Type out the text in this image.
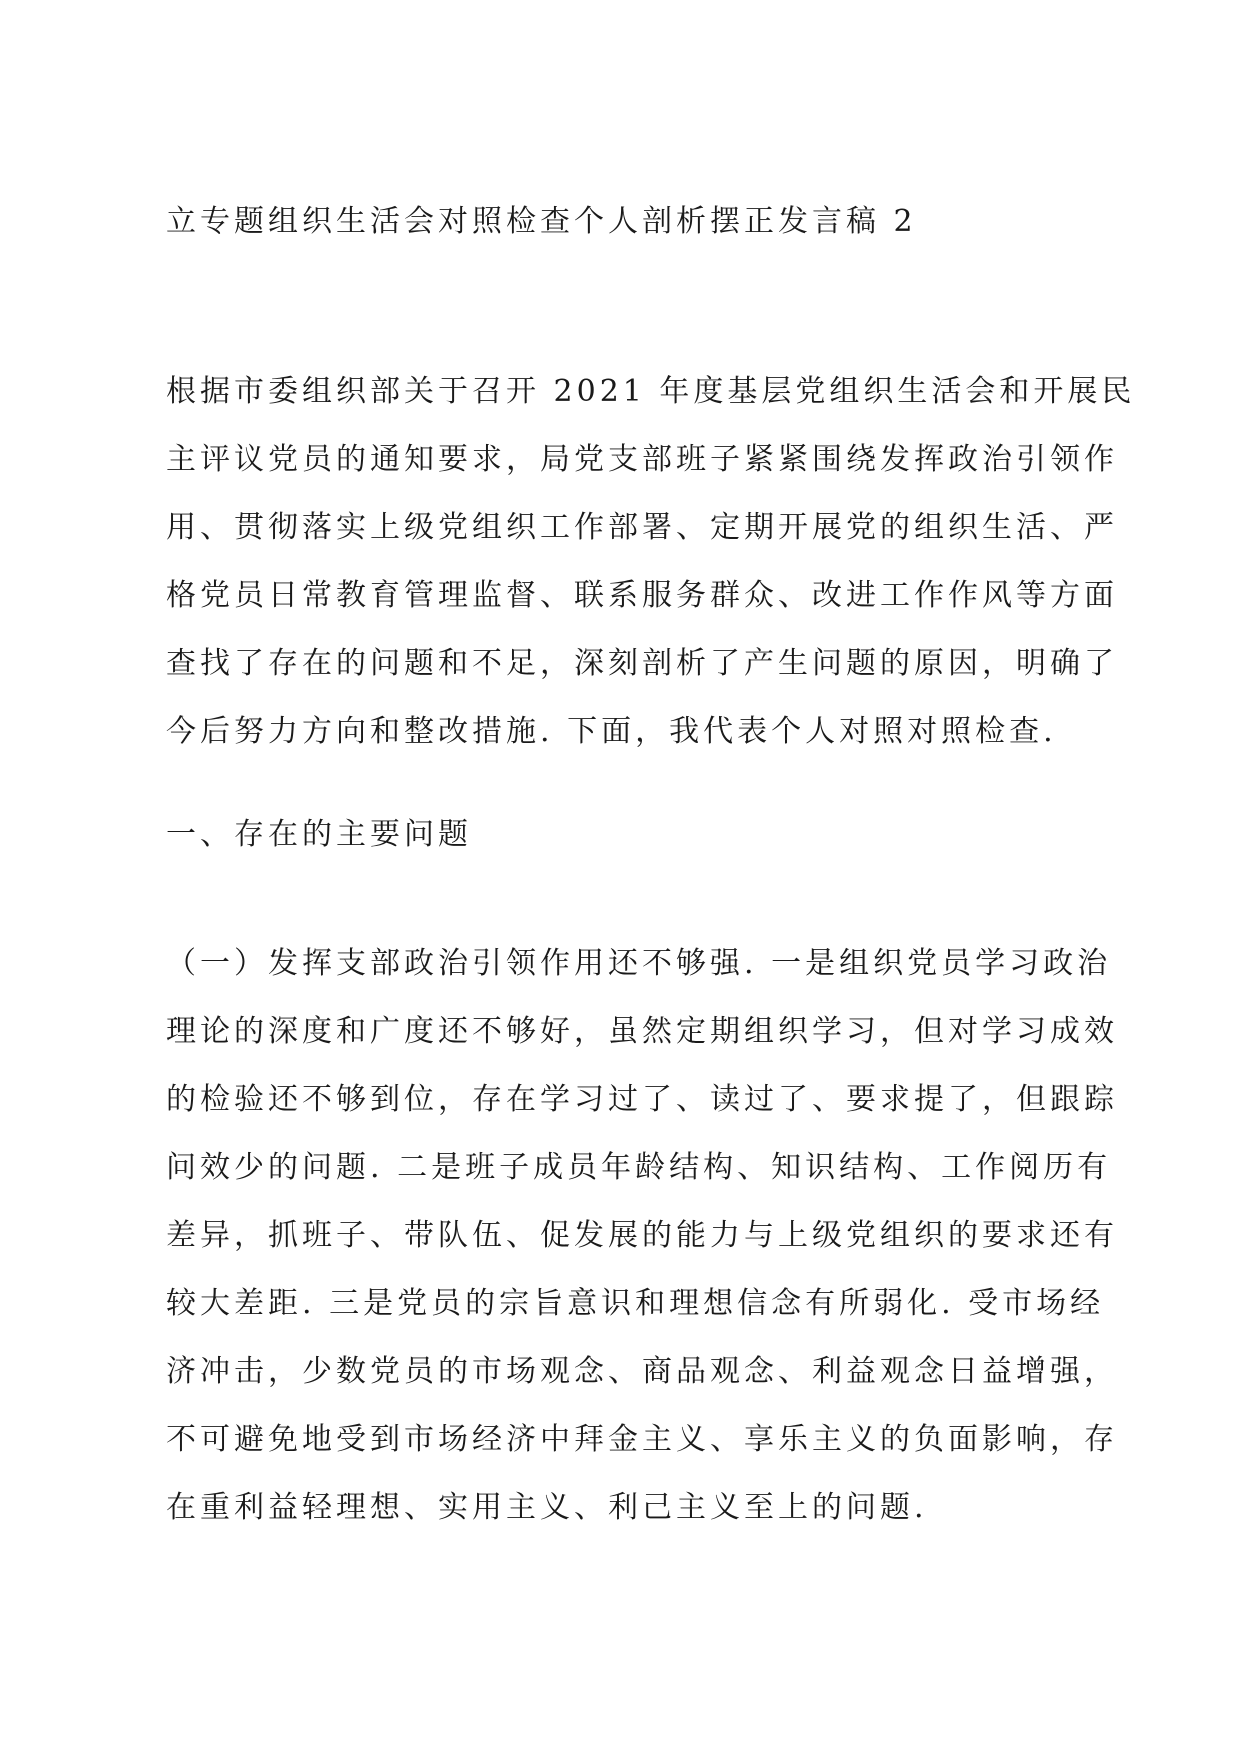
立专题组织生活会对照检查个人剖析摆正发言稿 2
根据市委组织部关于召开 2021 年度基层党组织生活会和开展民
主评议党员的通知要求，局党支部班子紧紧围绕发挥政治引领作
用、贯彻落实上级党组织工作部署、定期开展党的组织生活、严
格党员日常教育管理监督、联系服务群众、改进工作作风等方面
查找了存在的问题和不足，深刻剖析了产生问题的原因，明确了
今后努力方向和整改措施. 下面，我代表个人对照对照检查.
一、存在的主要问题
（一）发挥支部政治引领作用还不够强. 一是组织党员学习政治
理论的深度和广度还不够好，虽然定期组织学习，但对学习成效
的检验还不够到位，存在学习过了、读过了、要求提了，但跟踪
问效少的问题. 二是班子成员年龄结构、知识结构、工作阅历有
差异，抓班子、带队伍、促发展的能力与上级党组织的要求还有
较大差距. 三是党员的宗旨意识和理想信念有所弱化. 受市场经
济冲击，少数党员的市场观念、商品观念、利益观念日益增强，
不可避免地受到市场经济中拜金主义、享乐主义的负面影响，存
在重利益轻理想、实用主义、利己主义至上的问题.
